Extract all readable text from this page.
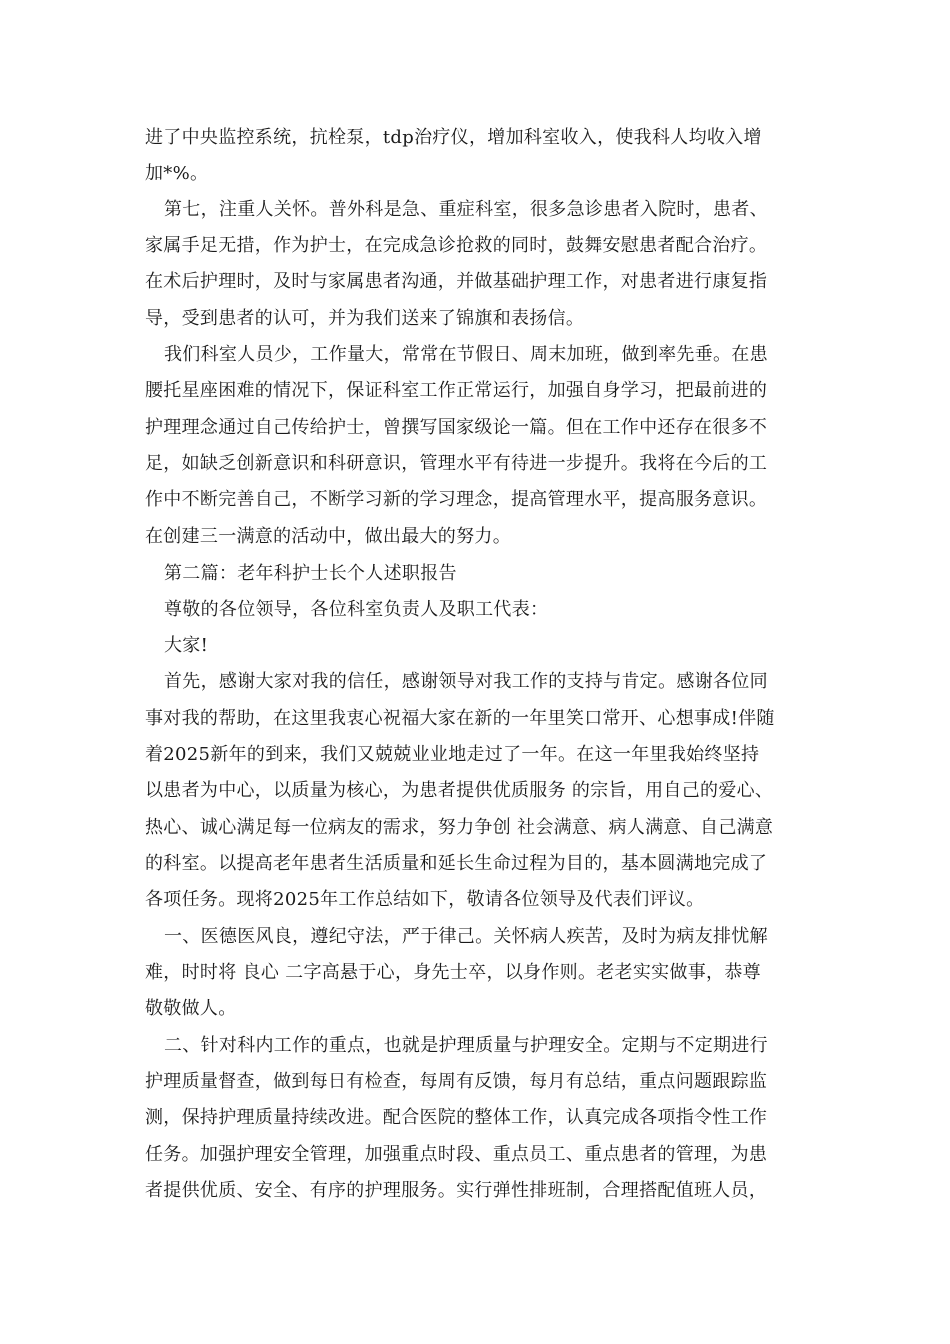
进了中央监控系统，抗栓泵，tdp治疗仪，增加科室收入，使我科人均收入增
加*%。
第七，注重人关怀。普外科是急、重症科室，很多急诊患者入院时，患者、
家属手足无措，作为护士，在完成急诊抢救的同时，鼓舞安慰患者配合治疗。
在术后护理时，及时与家属患者沟通，并做基础护理工作，对患者进行康复指
导，受到患者的认可，并为我们送来了锦旗和表扬信。
我们科室人员少，工作量大，常常在节假日、周末加班，做到率先垂。在患
腰托星座困难的情况下，保证科室工作正常运行，加强自身学习，把最前进的
护理理念通过自己传给护士，曾撰写国家级论一篇。但在工作中还存在很多不
足，如缺乏创新意识和科研意识，管理水平有待进一步提升。我将在今后的工
作中不断完善自己，不断学习新的学习理念，提高管理水平，提高服务意识。
在创建三一满意的活动中，做出最大的努力。
第二篇：老年科护士长个人述职报告
尊敬的各位领导，各位科室负责人及职工代表：
大家!
首先，感谢大家对我的信任，感谢领导对我工作的支持与肯定。感谢各位同
事对我的帮助，在这里我衷心祝福大家在新的一年里笑口常开、心想事成!伴随
着2025新年的到来，我们又兢兢业业地走过了一年。在这一年里我始终坚持
以患者为中心，以质量为核心，为患者提供优质服务 的宗旨，用自己的爱心、
热心、诚心满足每一位病友的需求，努力争创 社会满意、病人满意、自己满意
的科室。以提高老年患者生活质量和延长生命过程为目的，基本圆满地完成了
各项任务。现将2025年工作总结如下，敬请各位领导及代表们评议。
一、医德医风良，遵纪守法，严于律己。关怀病人疾苦，及时为病友排忧解
难，时时将 良心 二字高悬于心，身先士卒，以身作则。老老实实做事，恭尊
敬敬做人。
二、针对科内工作的重点，也就是护理质量与护理安全。定期与不定期进行
护理质量督查，做到每日有检查，每周有反馈，每月有总结，重点问题跟踪监
测，保持护理质量持续改进。配合医院的整体工作，认真完成各项指令性工作
任务。加强护理安全管理，加强重点时段、重点员工、重点患者的管理，为患
者提供优质、安全、有序的护理服务。实行弹性排班制，合理搭配值班人员，
